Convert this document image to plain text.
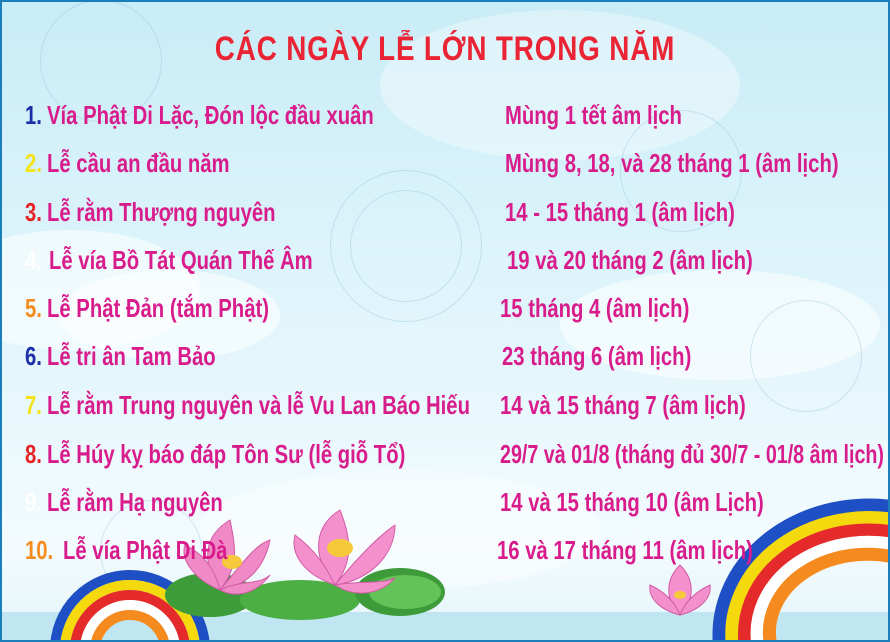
CÁC NGÀY LỄ LỚN TRONG NĂM
1. Vía Phật Di Lặc, Đón lộc đầu xuân	Mùng 1 tết âm lịch
2. Lễ cầu an đầu năm	Mùng 8, 18, và 28 tháng 1 (âm lịch)
3. Lễ rằm Thượng nguyên	14 - 15 tháng 1 (âm lịch)
4. Lễ vía Bồ Tát Quán Thế Âm	19 và 20 tháng 2 (âm lịch)
5. Lễ Phật Đản (tắm Phật)	15 tháng 4 (âm lịch)
6. Lễ tri ân Tam Bảo	23 tháng 6 (âm lịch)
7. Lễ rằm Trung nguyên và lễ Vu Lan Báo Hiếu 14 và 15 tháng 7 (âm lịch)
8. Lễ Húy kỵ báo đáp Tôn Sư (lễ giỗ Tổ)	29/7 và 01/8 (tháng đủ 30/7 - 01/8 âm lịch)
9. Lễ rằm Hạ nguyên	14 và 15 tháng 10 (âm Lịch)
10. Lễ vía Phật Di Đà	16 và 17 tháng 11 (âm lịch)
